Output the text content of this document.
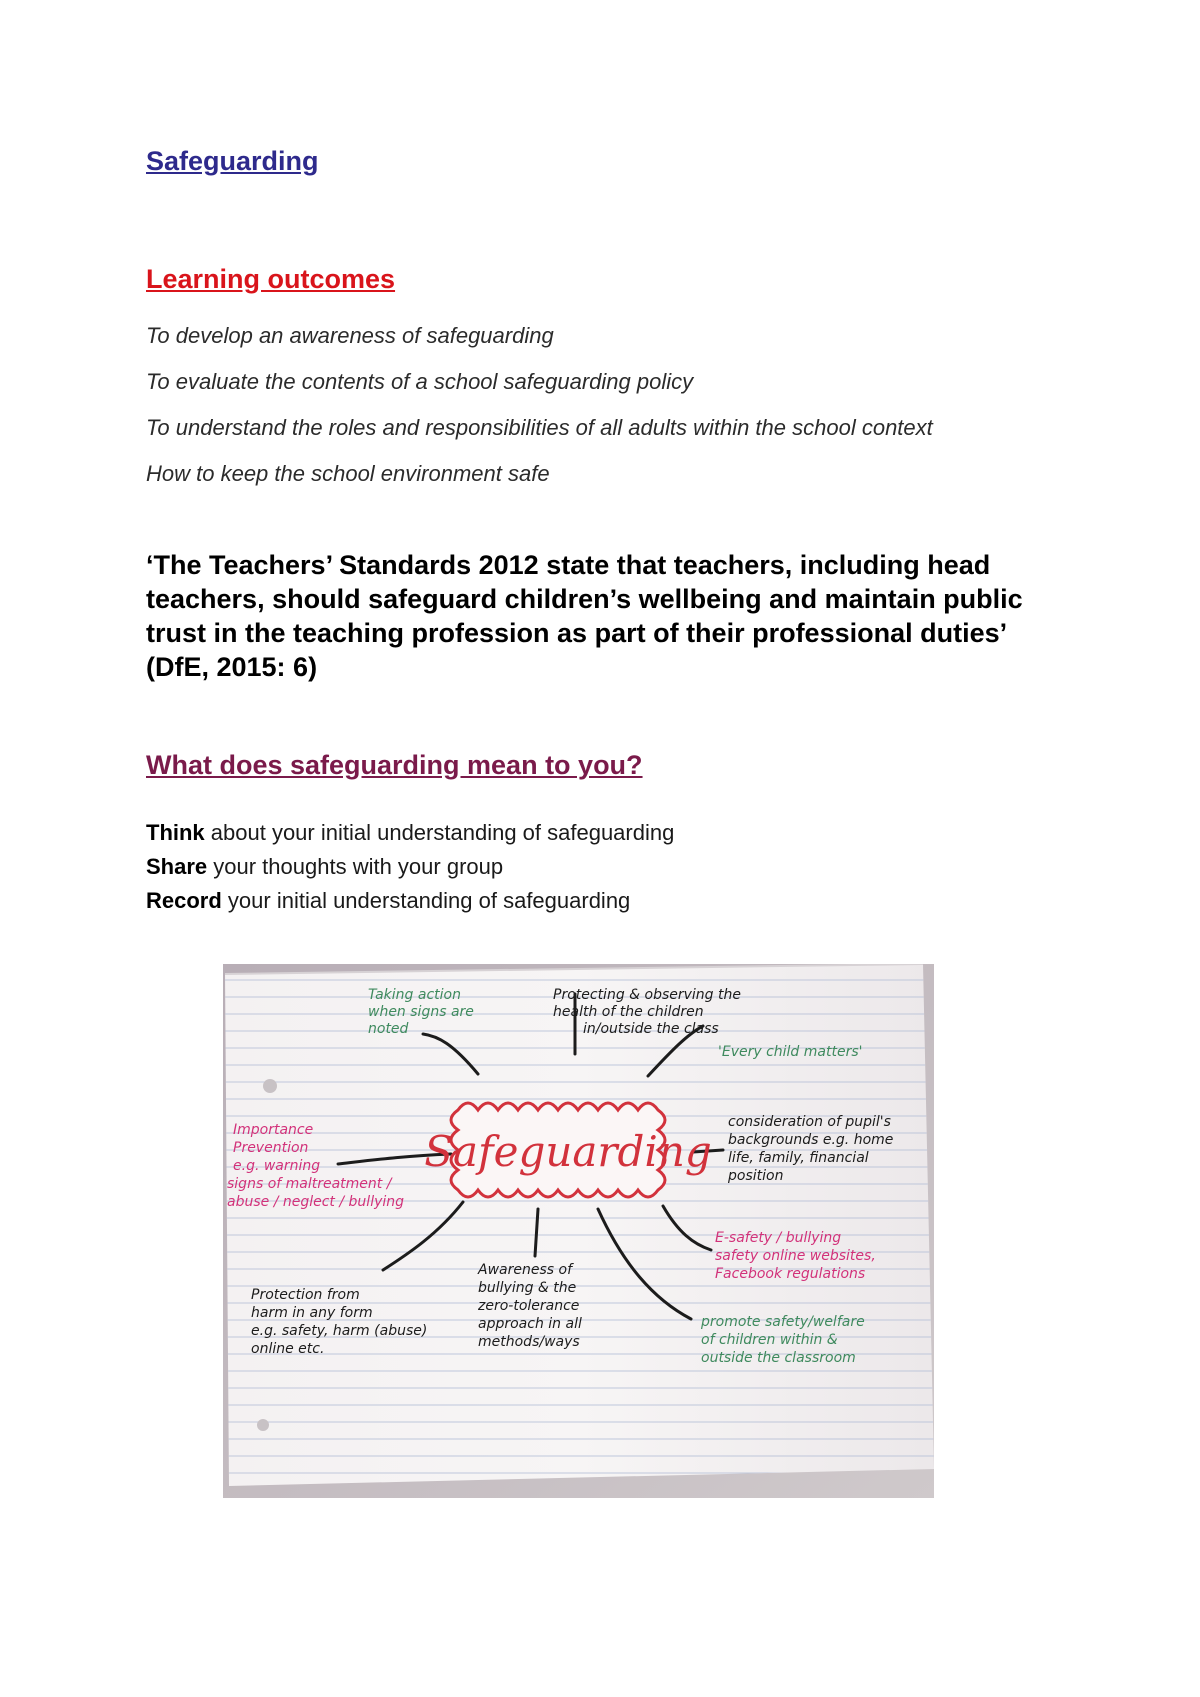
Safeguarding
Learning outcomes
To develop an awareness of safeguarding
To evaluate the contents of a school safeguarding policy
To understand the roles and responsibilities of all adults within the school context
How to keep the school environment safe

‘The Teachers’ Standards 2012 state that teachers, including head teachers, should safeguard children’s wellbeing and maintain public trust in the teaching profession as part of their professional duties’ (DfE, 2015: 6)

What does safeguarding mean to you?
Think about your initial understanding of safeguarding
Share your thoughts with your group
Record your initial understanding of safeguarding
Safeguarding
Taking action when signs are noted
Protecting & observing the health of the children in/outside the class
'Every child matters'
Importance Prevention e.g. warning signs of maltreatment / abuse / neglect / bullying
consideration of pupil's backgrounds e.g. home life, family, financial position
E-safety / bullying safety online websites, Facebook regulations
Protection from harm in any form e.g. safety, harm (abuse) online etc.
Awareness of bullying & the zero-tolerance approach in all methods/ways
promote safety/welfare of children within & outside the classroom
